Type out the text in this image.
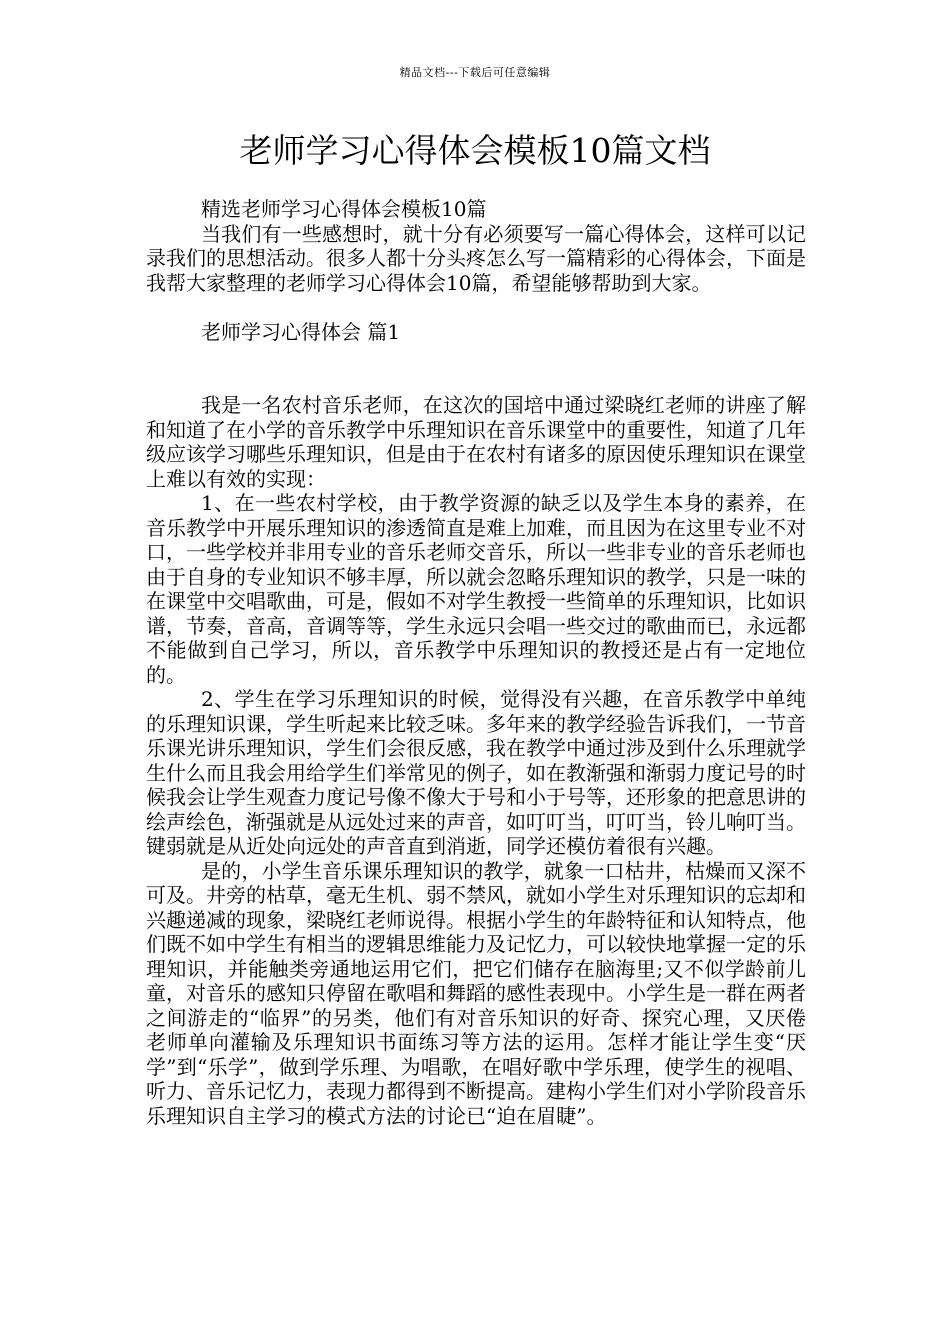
精品文档---下载后可任意编辑
老师学习心得体会模板10篇文档

精选老师学习心得体会模板10篇

当我们有一些感想时，就十分有必须要写一篇心得体会，这样可以记录我们的思想活动。很多人都十分头疼怎么写一篇精彩的心得体会，下面是我帮大家整理的老师学习心得体会10篇，希望能够帮助到大家。

老师学习心得体会 篇1

我是一名农村音乐老师，在这次的国培中通过梁晓红老师的讲座了解和知道了在小学的音乐教学中乐理知识在音乐课堂中的重要性，知道了几年级应该学习哪些乐理知识，但是由于在农村有诸多的原因使乐理知识在课堂上难以有效的实现：

1、在一些农村学校，由于教学资源的缺乏以及学生本身的素养，在音乐教学中开展乐理知识的渗透简直是难上加难，而且因为在这里专业不对口，一些学校并非用专业的音乐老师交音乐，所以一些非专业的音乐老师也由于自身的专业知识不够丰厚，所以就会忽略乐理知识的教学，只是一味的在课堂中交唱歌曲，可是，假如不对学生教授一些简单的乐理知识，比如识谱，节奏，音高，音调等等，学生永远只会唱一些交过的歌曲而已，永远都不能做到自己学习，所以，音乐教学中乐理知识的教授还是占有一定地位的。

2、学生在学习乐理知识的时候，觉得没有兴趣，在音乐教学中单纯的乐理知识课，学生听起来比较乏味。多年来的教学经验告诉我们，一节音乐课光讲乐理知识，学生们会很反感，我在教学中通过涉及到什么乐理就学生什么而且我会用给学生们举常见的例子，如在教渐强和渐弱力度记号的时候我会让学生观查力度记号像不像大于号和小于号等，还形象的把意思讲的绘声绘色，渐强就是从远处过来的声音，如叮叮当，叮叮当，铃儿响叮当。键弱就是从近处向远处的声音直到消逝，同学还模仿着很有兴趣。

是的，小学生音乐课乐理知识的教学，就象一口枯井，枯燥而又深不可及。井旁的枯草，毫无生机、弱不禁风，就如小学生对乐理知识的忘却和兴趣递减的现象，梁晓红老师说得。根据小学生的年龄特征和认知特点，他们既不如中学生有相当的逻辑思维能力及记忆力，可以较快地掌握一定的乐理知识，并能触类旁通地运用它们，把它们储存在脑海里;又不似学龄前儿童，对音乐的感知只停留在歌唱和舞蹈的感性表现中。小学生是一群在两者之间游走的“临界”的另类，他们有对音乐知识的好奇、探究心理，又厌倦老师单向灌输及乐理知识书面练习等方法的运用。怎样才能让学生变“厌学”到“乐学”，做到学乐理、为唱歌，在唱好歌中学乐理，使学生的视唱、听力、音乐记忆力，表现力都得到不断提高。建构小学生们对小学阶段音乐乐理知识自主学习的模式方法的讨论已“迫在眉睫”。
